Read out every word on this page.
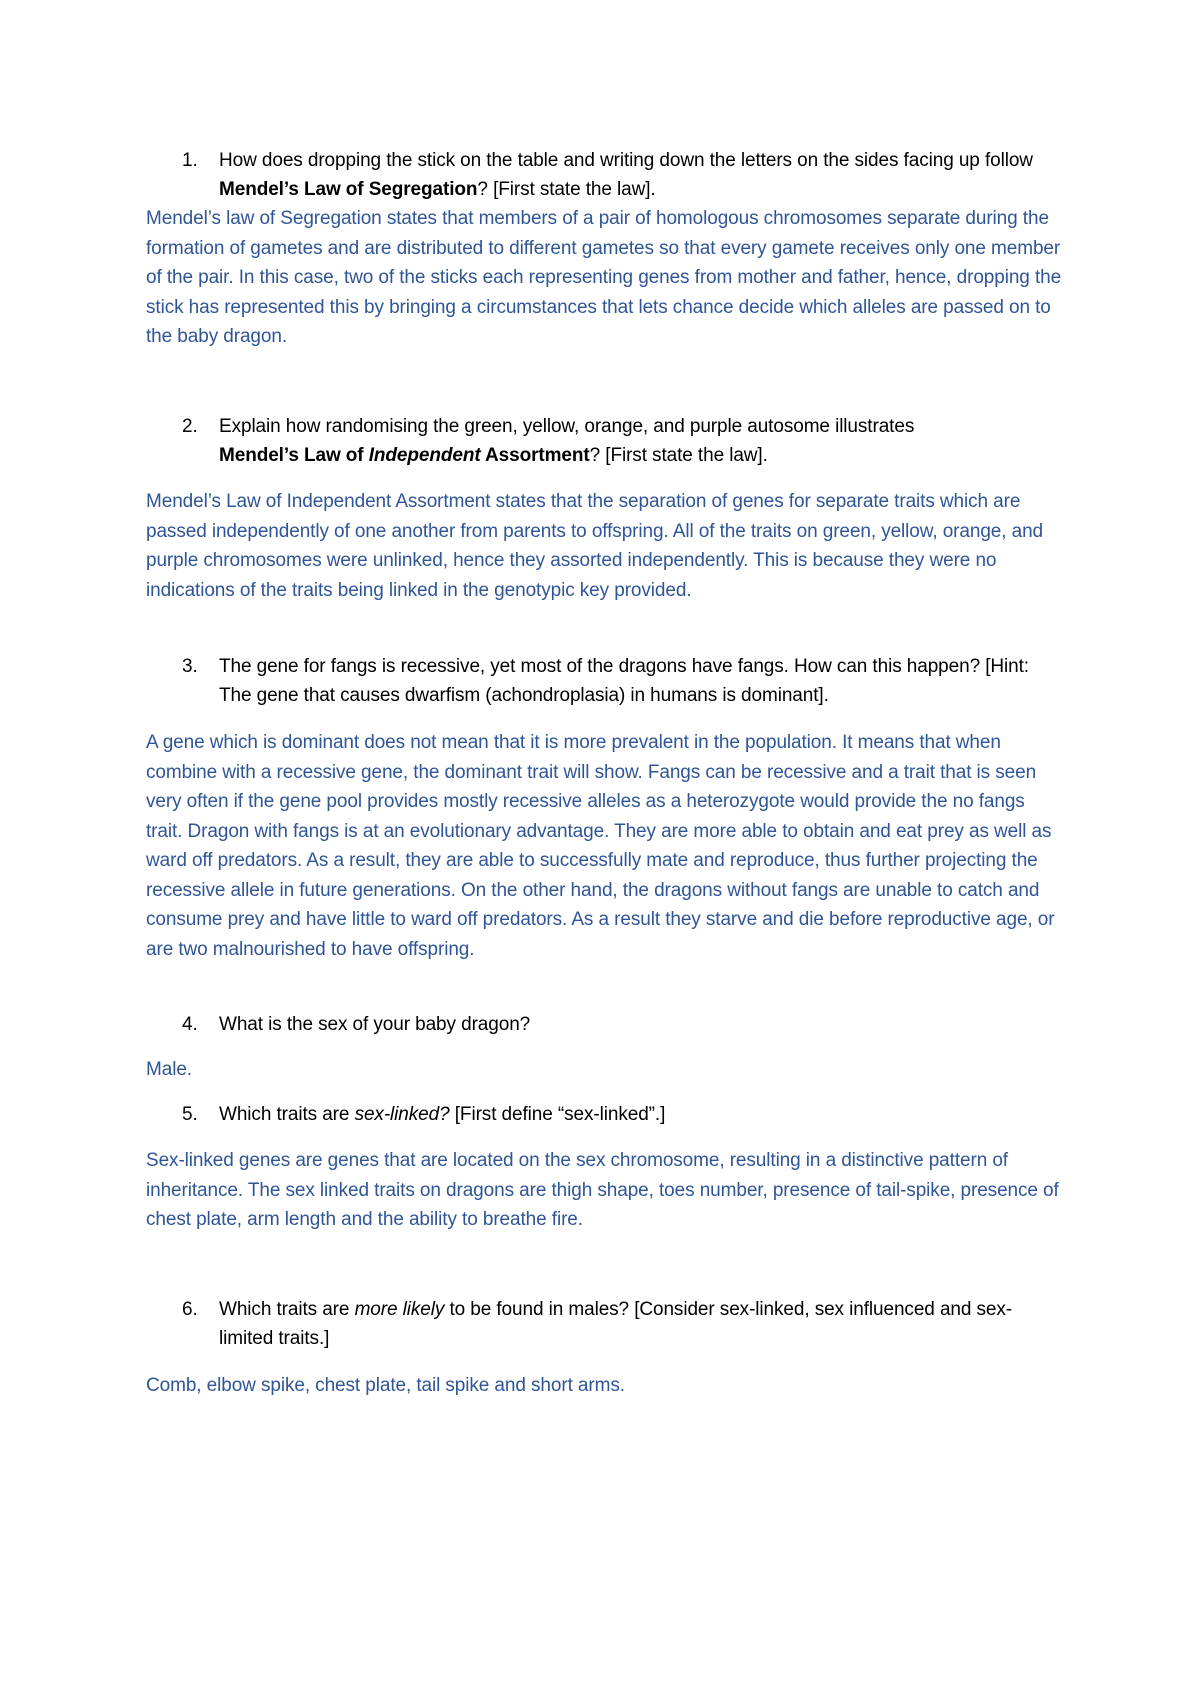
1. How does dropping the stick on the table and writing down the letters on the sides facing up follow Mendel’s Law of Segregation? [First state the law].
Mendel’s law of Segregation states that members of a pair of homologous chromosomes separate during the formation of gametes and are distributed to different gametes so that every gamete receives only one member of the pair. In this case, two of the sticks each representing genes from mother and father, hence, dropping the stick has represented this by bringing a circumstances that lets chance decide which alleles are passed on to the baby dragon.
2. Explain how randomising the green, yellow, orange, and purple autosome illustrates
Mendel’s Law of Independent Assortment? [First state the law].
Mendel’s Law of Independent Assortment states that the separation of genes for separate traits which are passed independently of one another from parents to offspring. All of the traits on green, yellow, orange, and purple chromosomes were unlinked, hence they assorted independently. This is because they were no indications of the traits being linked in the genotypic key provided.
3. The gene for fangs is recessive, yet most of the dragons have fangs. How can this happen? [Hint: The gene that causes dwarfism (achondroplasia) in humans is dominant].
A gene which is dominant does not mean that it is more prevalent in the population. It means that when combine with a recessive gene, the dominant trait will show. Fangs can be recessive and a trait that is seen very often if the gene pool provides mostly recessive alleles as a heterozygote would provide the no fangs trait. Dragon with fangs is at an evolutionary advantage. They are more able to obtain and eat prey as well as ward off predators. As a result, they are able to successfully mate and reproduce, thus further projecting the recessive allele in future generations. On the other hand, the dragons without fangs are unable to catch and consume prey and have little to ward off predators. As a result they starve and die before reproductive age, or are two malnourished to have offspring.
4. What is the sex of your baby dragon?
Male.
5. Which traits are sex-linked? [First define “sex-linked”.]
Sex-linked genes are genes that are located on the sex chromosome, resulting in a distinctive pattern of inheritance. The sex linked traits on dragons are thigh shape, toes number, presence of tail-spike, presence of chest plate, arm length and the ability to breathe fire.
6. Which traits are more likely to be found in males? [Consider sex-linked, sex influenced and sex-limited traits.]
Comb, elbow spike, chest plate, tail spike and short arms.
